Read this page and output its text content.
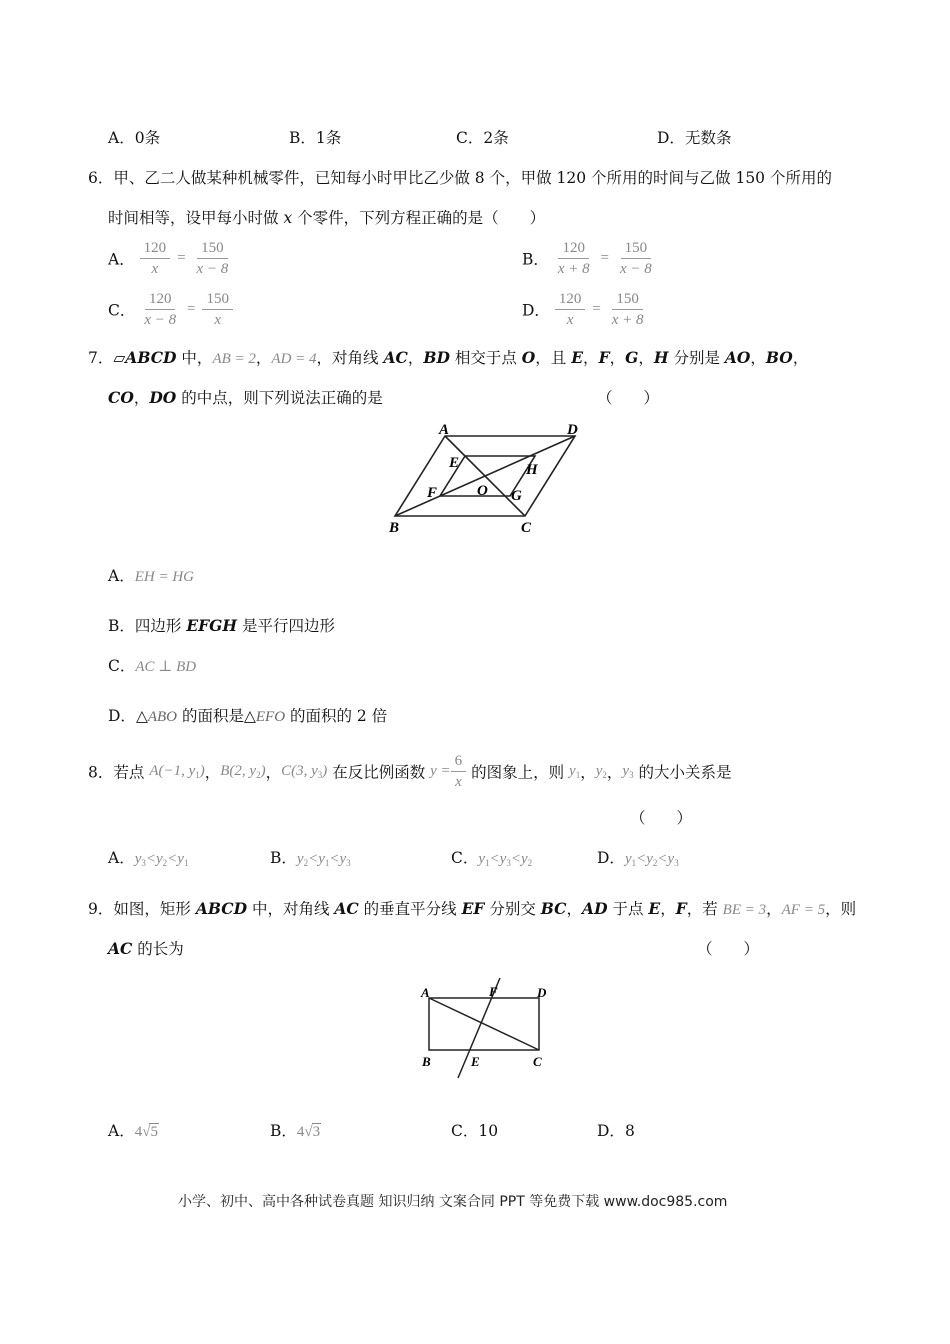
A．0条	B．1条	C．2条	D．无数条
6．甲、乙二人做某种机械零件，已知每小时甲比乙少做 8 个，甲做 120 个所用的时间与乙做 150 个所用的
时间相等，设甲每小时做 x 个零件，下列方程正确的是（　　）
A． $\frac{120}{x} = \frac{150}{x - 8}$	B． $\frac{120}{x + 8} = \frac{150}{x - 8}$
C． $\frac{120}{x - 8} = \frac{150}{x}$	D． $\frac{120}{x} = \frac{150}{x + 8}$
7．▱ABCD 中，AB = 2，AD = 4，对角线 AC，BD 相交于点 O，且 E，F，G，H 分别是 AO，BO，
CO，DO 的中点，则下列说法正确的是	（　　）
A	D
B	C
E
F	G
H
O
A．EH = HG
B．四边形 EFGH 是平行四边形
C．AC ⊥ BD
D．△ABO 的面积是△EFO 的面积的 2 倍
8．若点 A(−1, $y_1$)，B(2, $y_2$)，C(3, $y_3$) 在反比例函数 $y = \frac{6}{x}$ 的图象上，则 $y_1$，$y_2$，$y_3$ 的大小关系是
（　　）
A．$y_3<y_2<y_1$	B．$y_2<y_1<y_3$	C．$y_1<y_3<y_2$	D．$y_1<y_2<y_3$
9．如图，矩形 ABCD 中，对角线 AC 的垂直平分线 EF 分别交 BC，AD 于点 E，F，若 BE = 3，AF = 5，则
AC 的长为	（　　）
A	F	D
B	E	C
A．4√5	B．4√3	C．10	D．8
小学、初中、高中各种试卷真题 知识归纳 文案合同 PPT 等免费下载 www.doc985.com
